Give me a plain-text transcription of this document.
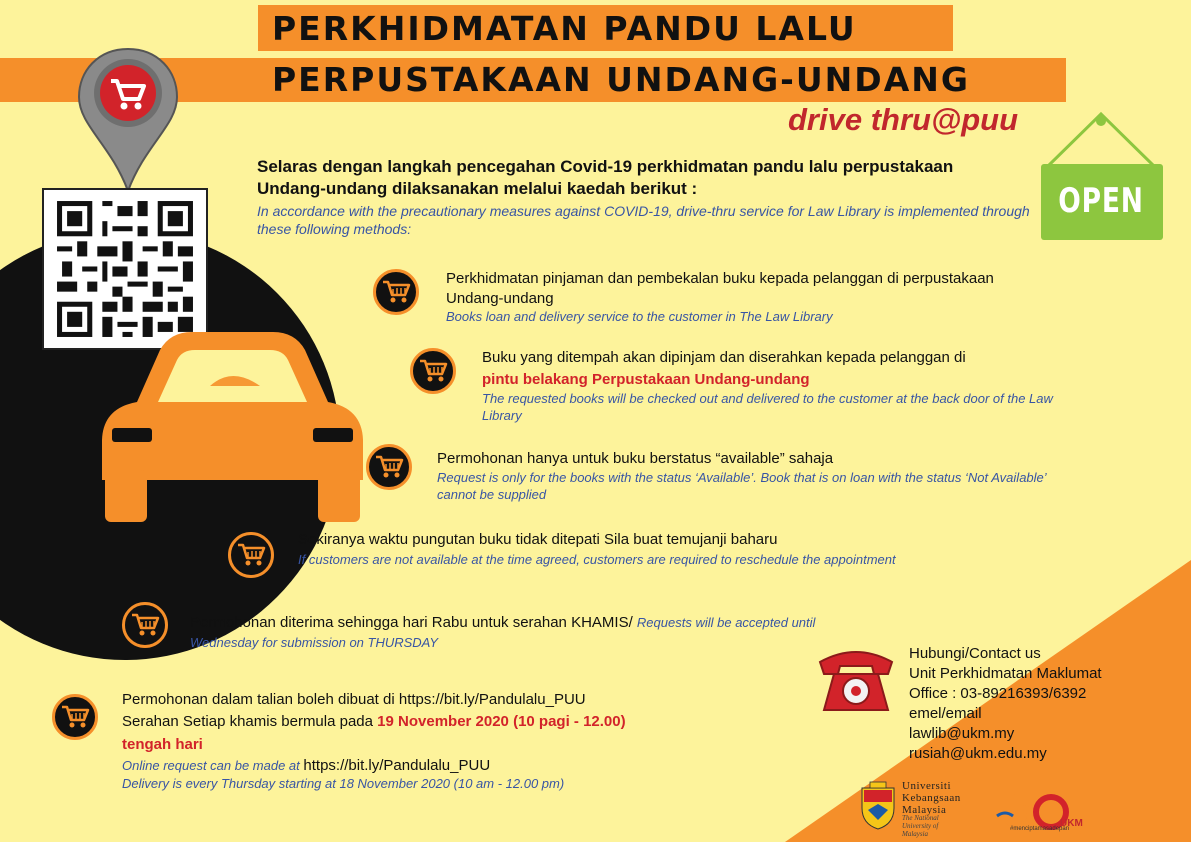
PERKHIDMATAN PANDU LALU
PERPUSTAKAAN UNDANG-UNDANG
drive thru@puu
OPEN
Selaras dengan langkah pencegahan Covid-19 perkhidmatan pandu lalu perpustakaan Undang-undang dilaksanakan melalui kaedah berikut :
In accordance with the precautionary measures against COVID-19, drive-thru service for Law Library is implemented through these following methods:
Perkhidmatan pinjaman dan pembekalan buku kepada pelanggan di perpustakaan Undang-undang
Books loan and delivery service to the customer in The Law Library
Buku yang ditempah akan dipinjam dan diserahkan kepada pelanggan di
pintu belakang Perpustakaan Undang-undang
The requested books will be checked out and delivered to the customer at the back door of the Law Library
Permohonan hanya untuk buku berstatus “available” sahaja
Request is only for the books with the status ‘Available’. Book that is on loan with the status ‘Not Available’ cannot be supplied
Sekiranya waktu pungutan buku tidak ditepati Sila buat temujanji baharu
If customers are not available at the time agreed, customers are required to reschedule the appointment
Permohonan diterima sehingga hari Rabu untuk serahan KHAMIS/ Requests will be accepted until Wednesday for submission on THURSDAY
Permohonan dalam talian boleh dibuat di https://bit.ly/Pandulalu_PUU
Serahan Setiap khamis bermula pada 19 November 2020 (10 pagi - 12.00)
tengah hari
Online request can be made at https://bit.ly/Pandulalu_PUU
Delivery is every Thursday starting at 18 November 2020 (10 am - 12.00 pm)
Hubungi/Contact us
Unit Perkhidmatan Maklumat
Office : 03-89216393/6392
emel/email
lawlib@ukm.my
rusiah@ukm.edu.my
Universiti
Kebangsaan
Malaysia
The National University of Malaysia
UKM
#menciptamasadepan
